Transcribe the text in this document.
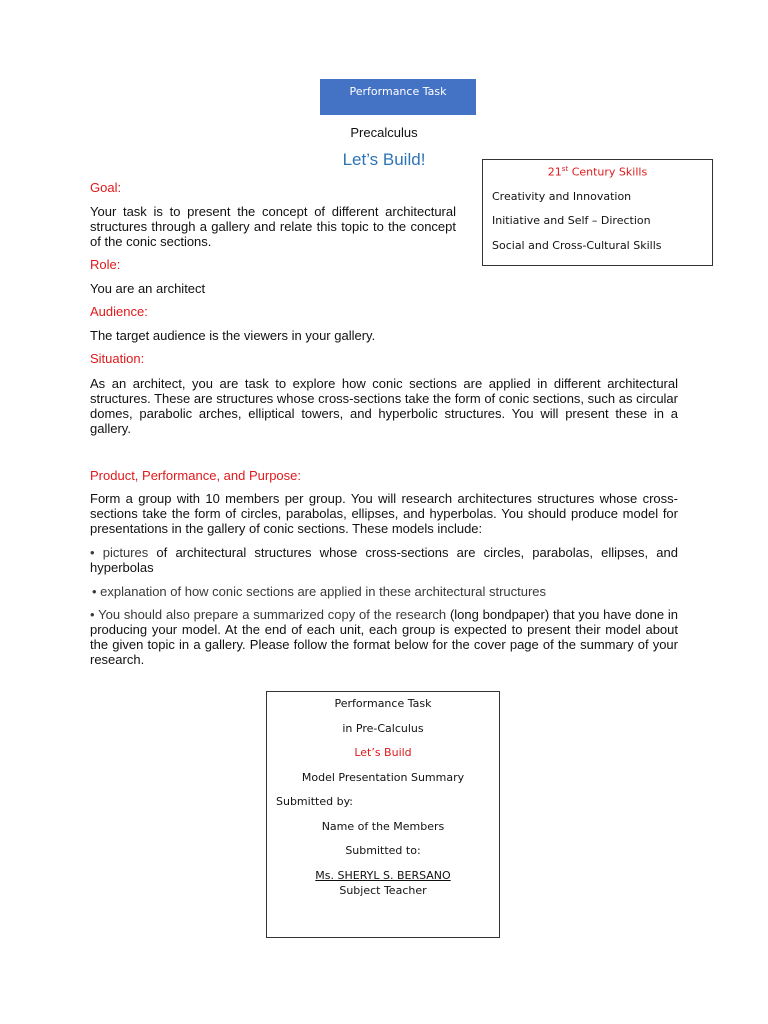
Performance Task
Precalculus
Let’s Build!
21st Century Skills
Creativity and Innovation
Initiative and Self – Direction
Social and Cross-Cultural Skills
Goal:
Your task is to present the concept of different architectural structures through a gallery and relate this topic to the concept of the conic sections.
Role:
You are an architect
Audience:
The target audience is the viewers in your gallery.
Situation:
As an architect, you are task to explore how conic sections are applied in different architectural structures. These are structures whose cross-sections take the form of conic sections, such as circular domes, parabolic arches, elliptical towers, and hyperbolic structures. You will present these in a gallery.
Product, Performance, and Purpose:
Form a group with 10 members per group. You will research architectures structures whose cross-sections take the form of circles, parabolas, ellipses, and hyperbolas. You should produce model for presentations in the gallery of conic sections. These models include:
• pictures of architectural structures whose cross-sections are circles, parabolas, ellipses, and hyperbolas
• explanation of how conic sections are applied in these architectural structures
• You should also prepare a summarized copy of the research (long bondpaper) that you have done in producing your model. At the end of each unit, each group is expected to present their model about the given topic in a gallery. Please follow the format below for the cover page of the summary of your research.
Performance Task
in Pre-Calculus
Let’s Build
Model Presentation Summary
Submitted by:
Name of the Members
Submitted to:
Ms. SHERYL S. BERSANO
Subject Teacher
